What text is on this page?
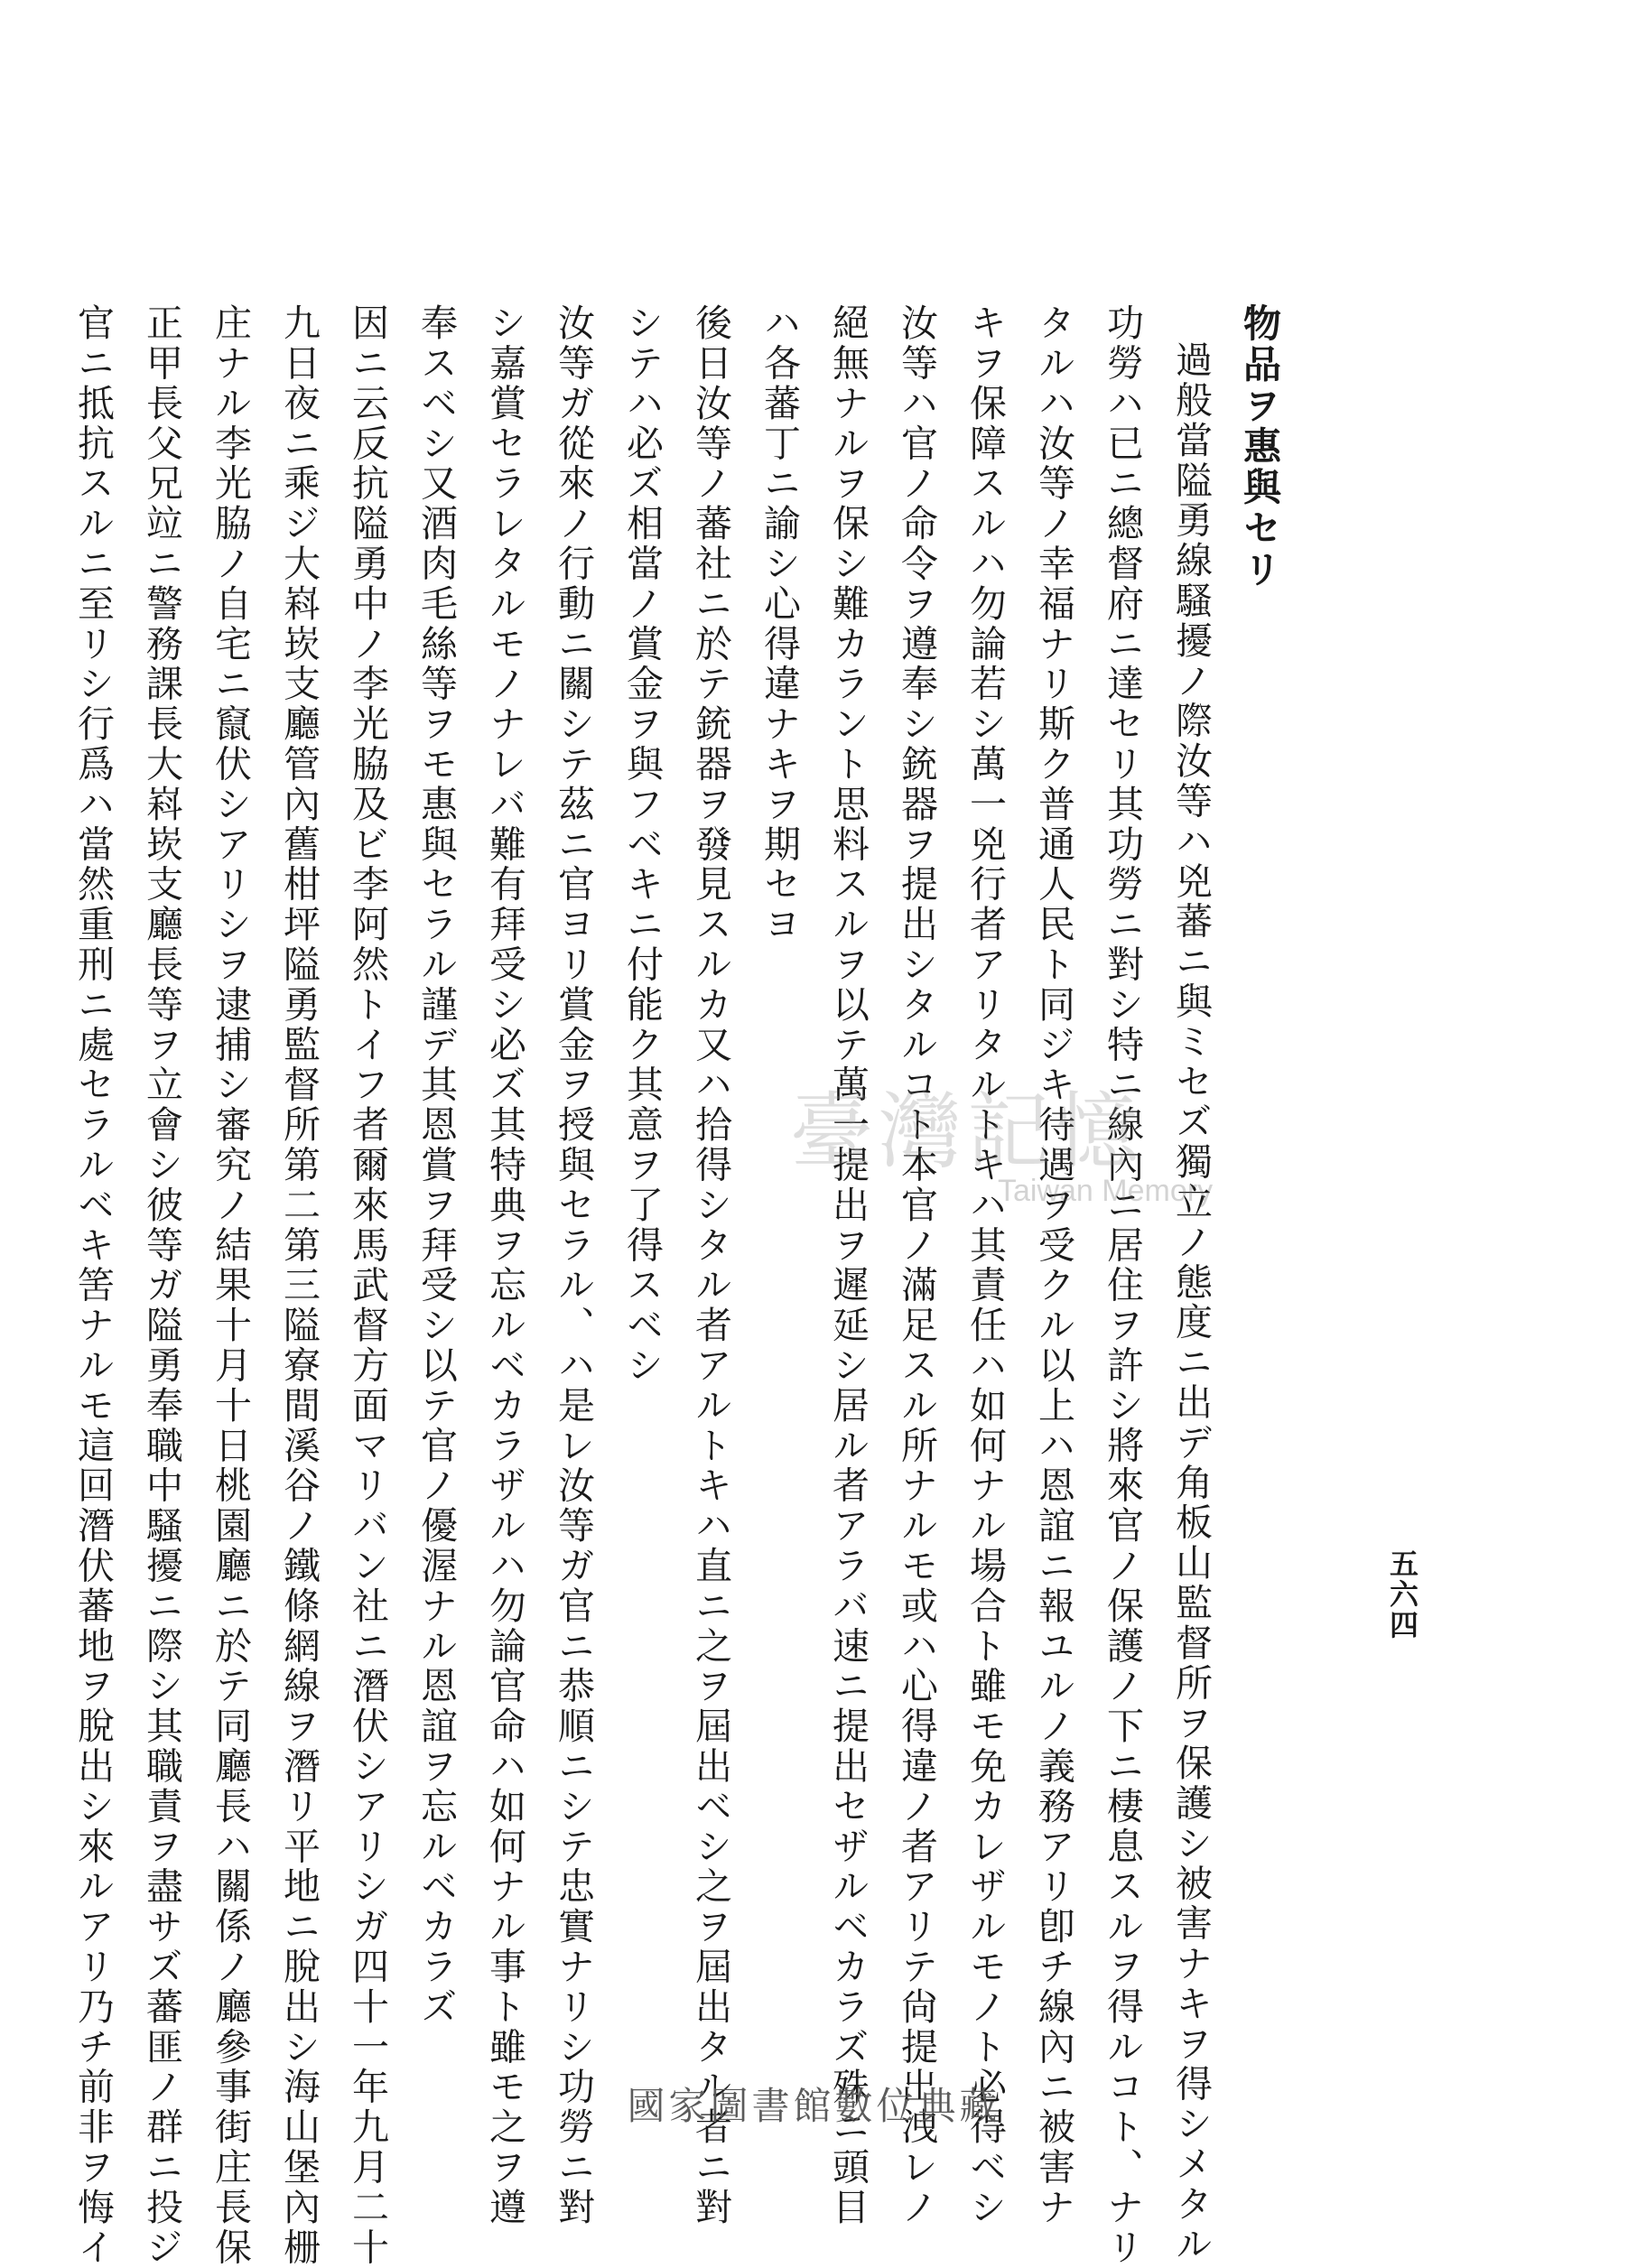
五六四
物品ヲ惠與セリ
過般當隘勇線騷擾ノ際汝等ハ兇蕃ニ與ミセズ獨立ノ態度ニ出デ角板山監督所ヲ保護シ被害ナキヲ得シメタル
功勞ハ已ニ總督府ニ達セリ其功勞ニ對シ特ニ線內ニ居住ヲ許シ將來官ノ保護ノ下ニ棲息スルヲ得ルコト、ナリ
タルハ汝等ノ幸福ナリ斯ク普通人民ト同ジキ待遇ヲ受クル以上ハ恩誼ニ報ユルノ義務アリ卽チ線內ニ被害ナ
キヲ保障スルハ勿論若シ萬一兇行者アリタルトキハ其責任ハ如何ナル場合ト雖モ免カレザルモノト必得ベシ
汝等ハ官ノ命令ヲ遵奉シ銃器ヲ提出シタルコト本官ノ滿足スル所ナルモ或ハ心得違ノ者アリテ尙提出洩レノ
絕無ナルヲ保シ難カラント思料スルヲ以テ萬一提出ヲ遲延シ居ル者アラバ速ニ提出セザルベカラズ殊ニ頭目
ハ各蕃丁ニ諭シ心得違ナキヲ期セヨ
後日汝等ノ蕃社ニ於テ銃器ヲ發見スルカ又ハ拾得シタル者アルトキハ直ニ之ヲ屆出ベシ之ヲ屆出タル者ニ對
シテハ必ズ相當ノ賞金ヲ與フベキニ付能ク其意ヲ了得スベシ
汝等ガ從來ノ行動ニ關シテ茲ニ官ヨリ賞金ヲ授與セラル、ハ是レ汝等ガ官ニ恭順ニシテ忠實ナリシ功勞ニ對
シ嘉賞セラレタルモノナレバ難有拜受シ必ズ其特典ヲ忘ルベカラザルハ勿論官命ハ如何ナル事ト雖モ之ヲ遵
奉スベシ又酒肉毛絲等ヲモ惠與セラル謹デ其恩賞ヲ拜受シ以テ官ノ優渥ナル恩誼ヲ忘ルベカラズ
因ニ云反抗隘勇中ノ李光脇及ビ李阿然トイフ者爾來馬武督方面マリバン社ニ潛伏シアリシガ四十一年九月二十
九日夜ニ乘ジ大嵙崁支廳管內舊柑坪隘勇監督所第二第三隘寮間溪谷ノ鐵條網線ヲ潛リ平地ニ脫出シ海山堡內栅
庄ナル李光脇ノ自宅ニ竄伏シアリシヲ逮捕シ審究ノ結果十月十日桃園廳ニ於テ同廳長ハ關係ノ廳參事街庄長保
正甲長父兄竝ニ警務課長大嵙崁支廳長等ヲ立會シ彼等ガ隘勇奉職中騷擾ニ際シ其職責ヲ盡サズ蕃匪ノ群ニ投ジ
官ニ抵抗スルニ至リシ行爲ハ當然重刑ニ處セラルベキ筈ナルモ這回潛伏蕃地ヲ脫出シ來ルアリ乃チ前非ヲ悔イ	臺灣記憶
Taiwan Memory
國家圖書館數位典藏
